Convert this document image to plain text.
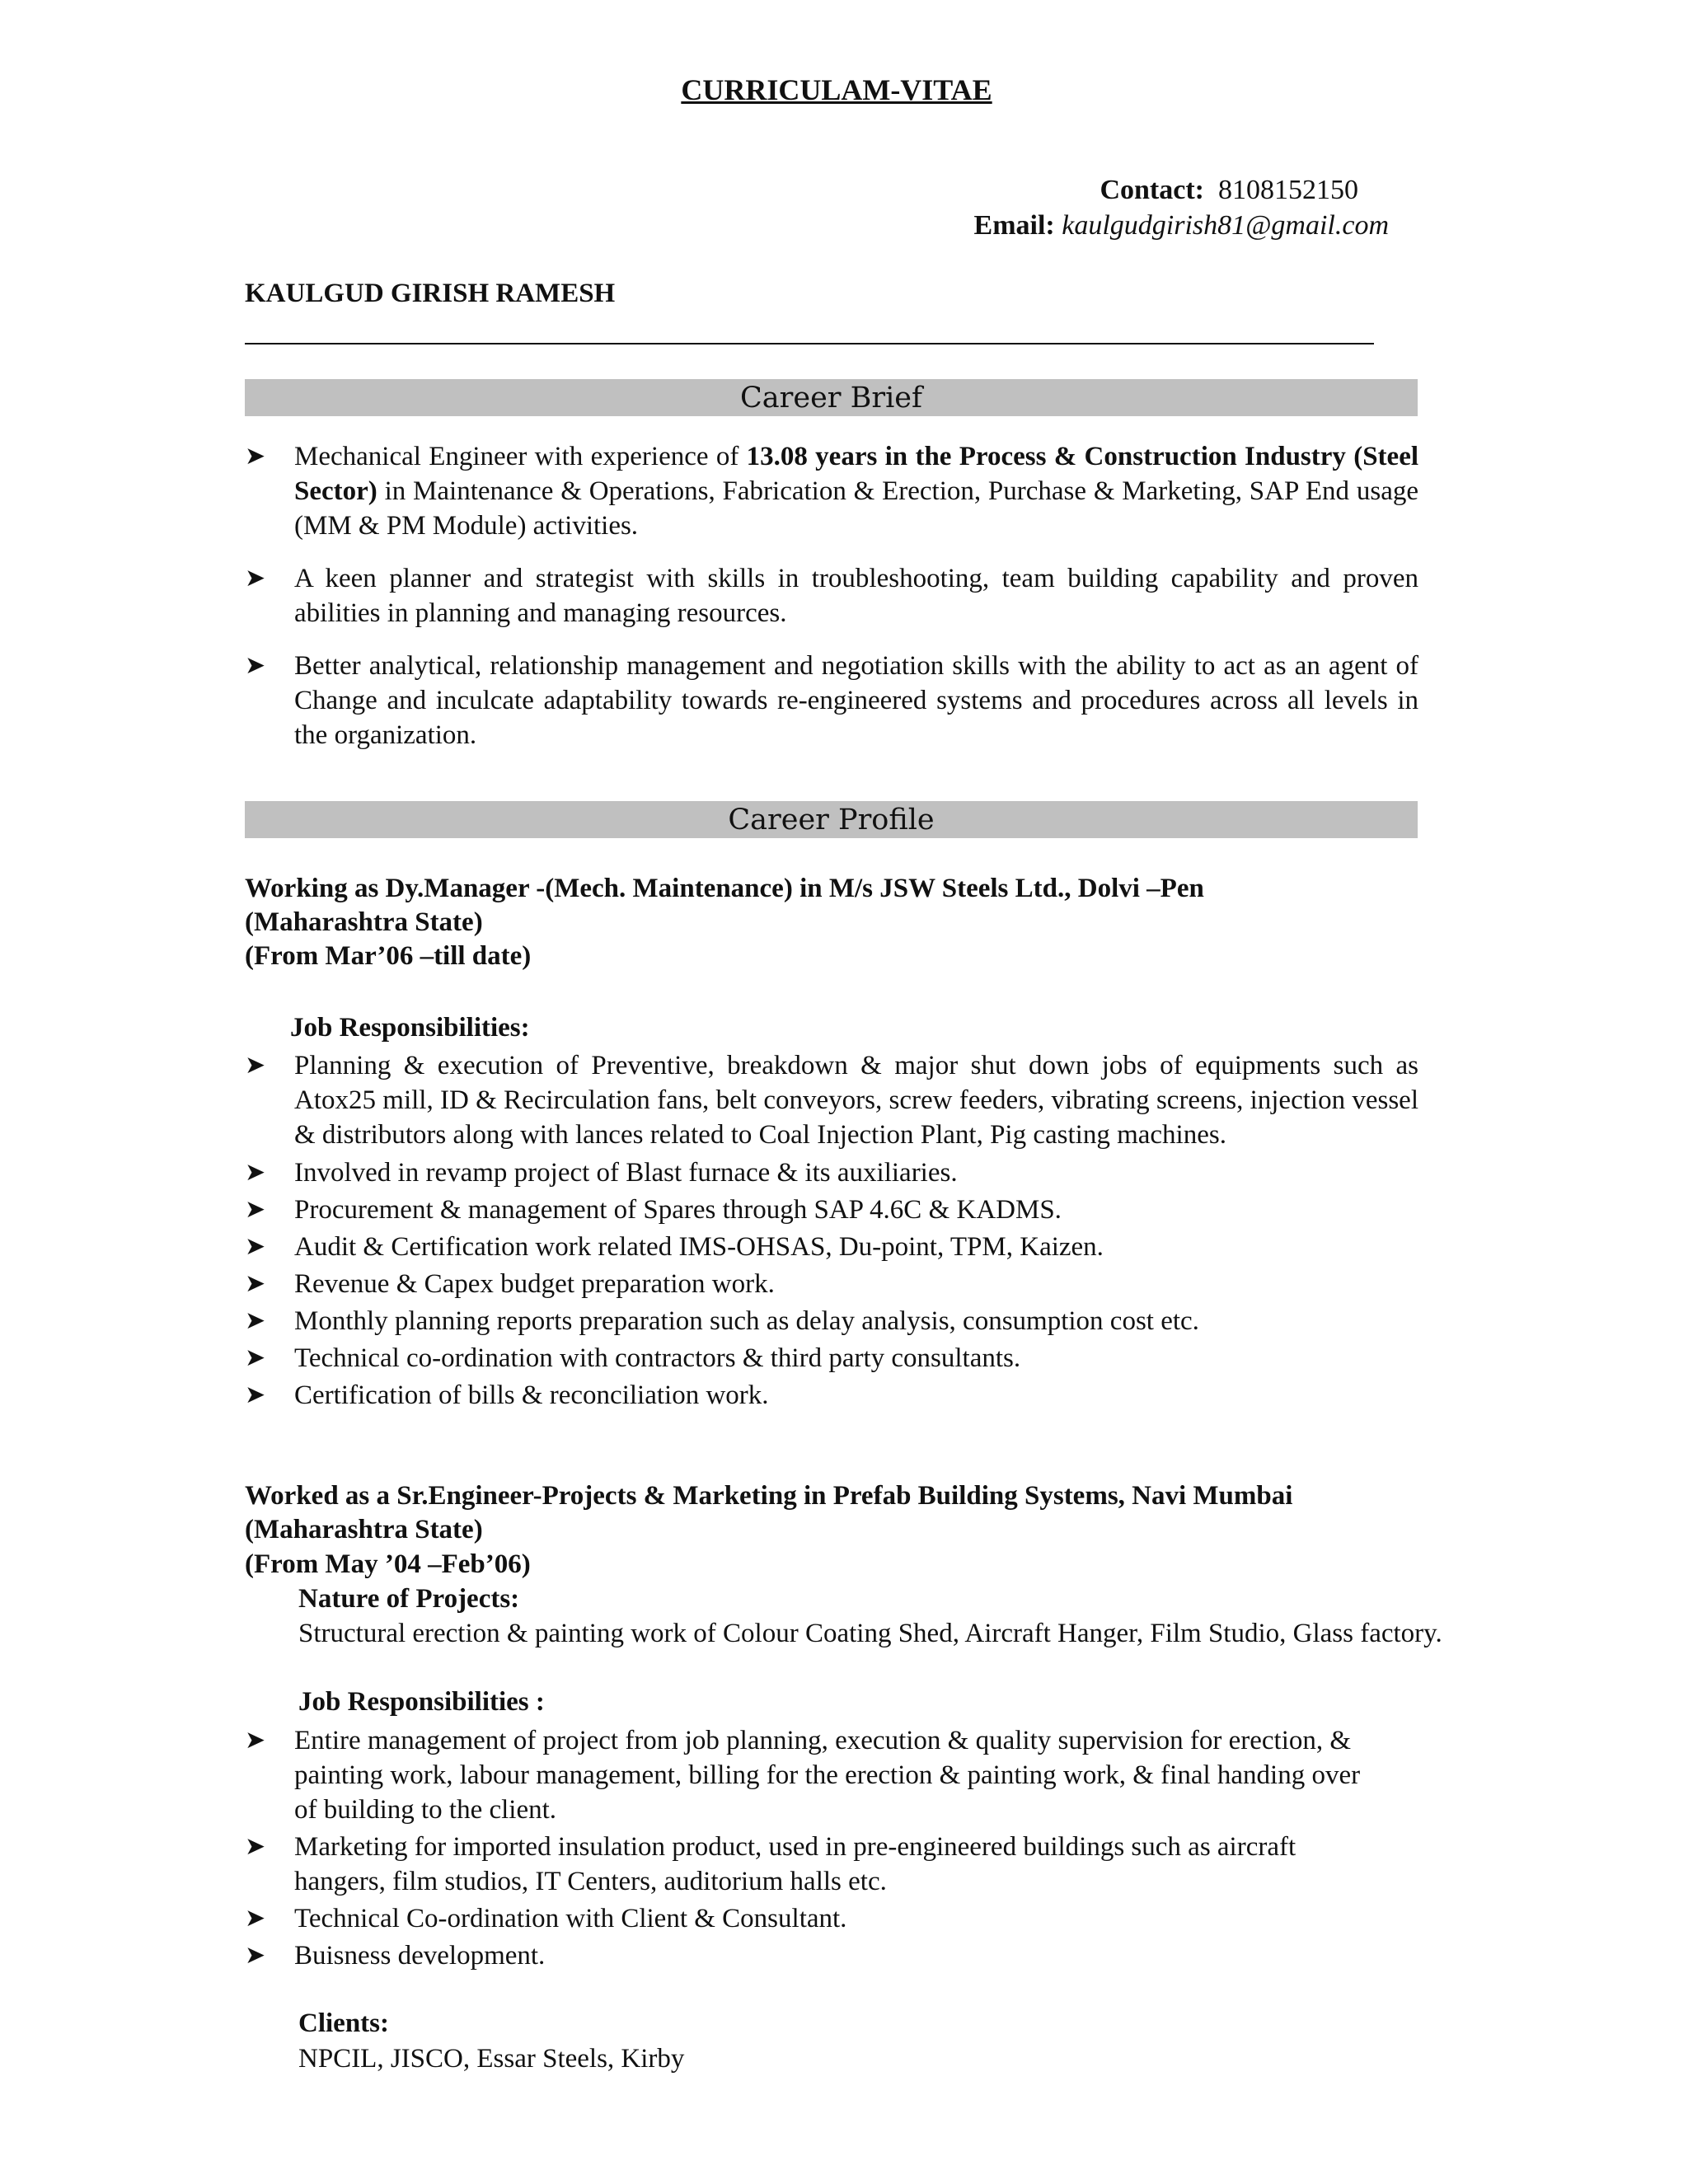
CURRICULAM-VITAE
Contact: 8108152150
Email: kaulgudgirish81@gmail.com
KAULGUD GIRISH RAMESH
Career Brief
➤ Mechanical Engineer with experience of 13.08 years in the Process & Construction Industry (Steel Sector) in Maintenance & Operations, Fabrication & Erection, Purchase & Marketing, SAP End usage (MM & PM Module) activities.
➤ A keen planner and strategist with skills in troubleshooting, team building capability and proven abilities in planning and managing resources.
➤ Better analytical, relationship management and negotiation skills with the ability to act as an agent of Change and inculcate adaptability towards re-engineered systems and procedures across all levels in the organization.
Career Profile
Working as Dy.Manager -(Mech. Maintenance) in M/s JSW Steels Ltd., Dolvi –Pen
(Maharashtra State)
(From Mar’06 –till date)
Job Responsibilities:
➤ Planning & execution of Preventive, breakdown & major shut down jobs of equipments such as Atox25 mill, ID & Recirculation fans, belt conveyors, screw feeders, vibrating screens, injection vessel & distributors along with lances related to Coal Injection Plant, Pig casting machines.
➤ Involved in revamp project of Blast furnace & its auxiliaries.
➤ Procurement & management of Spares through SAP 4.6C & KADMS.
➤ Audit & Certification work related IMS-OHSAS, Du-point, TPM, Kaizen.
➤ Revenue & Capex budget preparation work.
➤ Monthly planning reports preparation such as delay analysis, consumption cost etc.
➤ Technical co-ordination with contractors & third party consultants.
➤ Certification of bills & reconciliation work.
Worked as a Sr.Engineer-Projects & Marketing in Prefab Building Systems, Navi Mumbai
(Maharashtra State)
(From May ’04 –Feb’06)
Nature of Projects:
Structural erection & painting work of Colour Coating Shed, Aircraft Hanger, Film Studio, Glass factory.
Job Responsibilities :
➤ Entire management of project from job planning, execution & quality supervision for erection, & painting work, labour management, billing for the erection & painting work, & final handing over of building to the client.
➤ Marketing for imported insulation product, used in pre-engineered buildings such as aircraft hangers, film studios, IT Centers, auditorium halls etc.
➤ Technical Co-ordination with Client & Consultant.
➤ Buisness development.
Clients:
NPCIL, JISCO, Essar Steels, Kirby
